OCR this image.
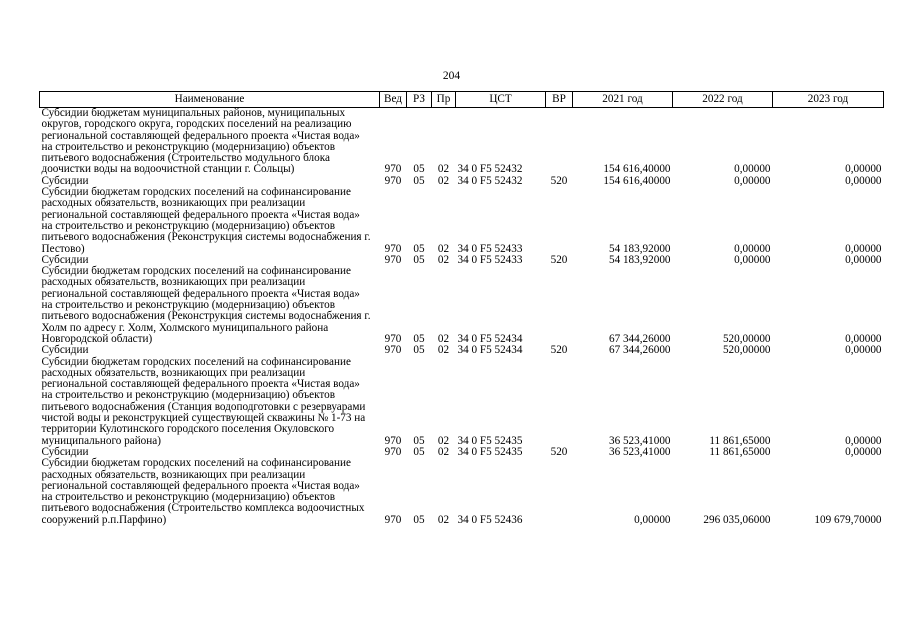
204
Наименование	Вед	РЗ	Пр	ЦСТ	ВР	2021 год	2022 год	2023 год
Субсидии бюджетам муниципальных районов, муниципальных округов, городского округа, городских поселений на реализацию региональной составляющей федерального проекта «Чистая вода» на строительство и реконструкцию (модернизацию) объектов питьевого водоснабжения (Строительство модульного блока доочистки воды на водоочистной станции г. Сольцы)	970	05	02	34 0 F5 52432		154 616,40000	0,00000	0,00000
Субсидии	970	05	02	34 0 F5 52432	520	154 616,40000	0,00000	0,00000
Субсидии бюджетам городских поселений на софинансирование расходных обязательств, возникающих при реализации региональной составляющей федерального проекта «Чистая вода» на строительство и реконструкцию (модернизацию) объектов питьевого водоснабжения (Реконструкция системы водоснабжения г. Пестово)	970	05	02	34 0 F5 52433		54 183,92000	0,00000	0,00000
Субсидии	970	05	02	34 0 F5 52433	520	54 183,92000	0,00000	0,00000
Субсидии бюджетам городских поселений на софинансирование расходных обязательств, возникающих при реализации региональной составляющей федерального проекта «Чистая вода» на строительство и реконструкцию (модернизацию) объектов питьевого водоснабжения (Реконструкция системы водоснабжения г. Холм по адресу г. Холм, Холмского муниципального района Новгородской области)	970	05	02	34 0 F5 52434		67 344,26000	520,00000	0,00000
Субсидии	970	05	02	34 0 F5 52434	520	67 344,26000	520,00000	0,00000
Субсидии бюджетам городских поселений на софинансирование расходных обязательств, возникающих при реализации региональной составляющей федерального проекта «Чистая вода» на строительство и реконструкцию (модернизацию) объектов питьевого водоснабжения (Станция водоподготовки с резервуарами чистой воды и реконструкцией существующей скважины № 1-73 на территории Кулотинского городского поселения Окуловского муниципального района)	970	05	02	34 0 F5 52435		36 523,41000	11 861,65000	0,00000
Субсидии	970	05	02	34 0 F5 52435	520	36 523,41000	11 861,65000	0,00000
Субсидии бюджетам городских поселений на софинансирование расходных обязательств, возникающих при реализации региональной составляющей федерального проекта «Чистая вода» на строительство и реконструкцию (модернизацию) объектов питьевого водоснабжения (Строительство комплекса водоочистных сооружений р.п.Парфино)	970	05	02	34 0 F5 52436		0,00000	296 035,06000	109 679,70000
